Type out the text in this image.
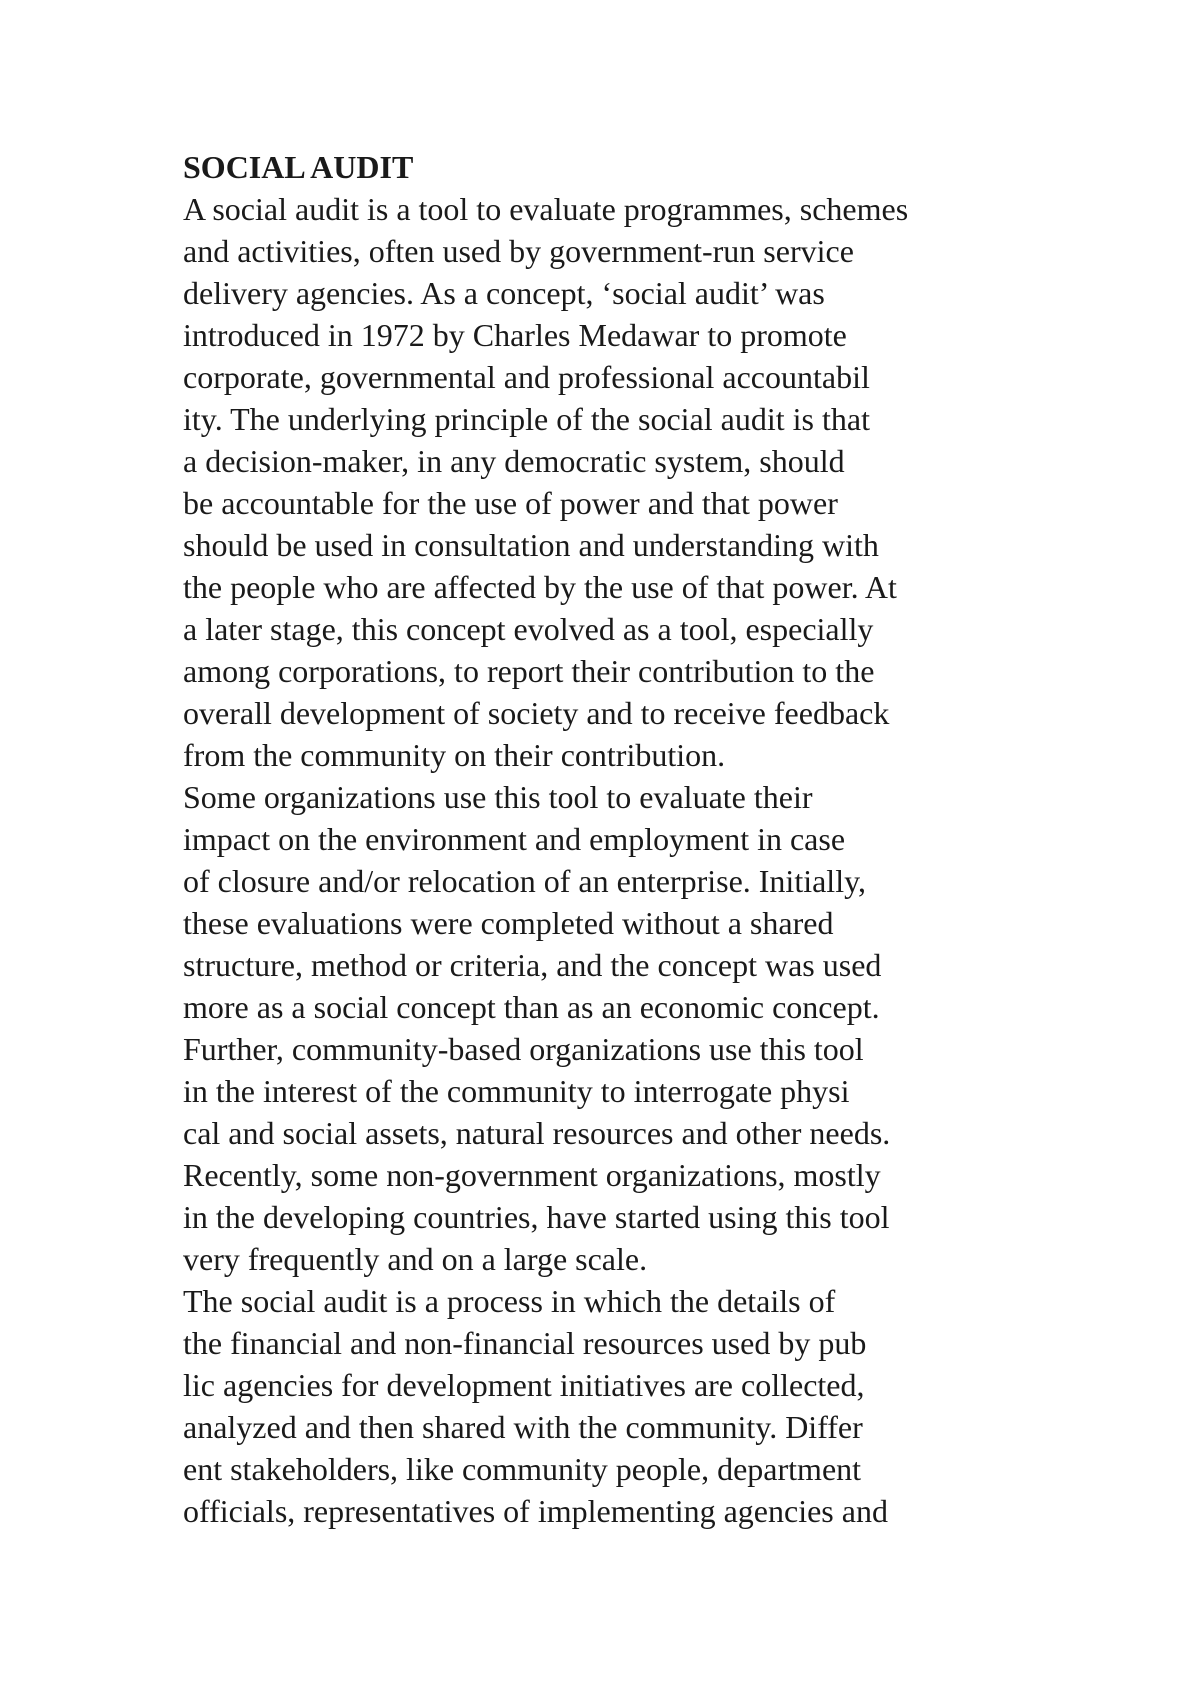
SOCIAL AUDIT
A social audit is a tool to evaluate programmes, schemes
and activities, often used by government-run service
delivery agencies. As a concept, ‘social audit’ was
introduced in 1972 by Charles Medawar to promote
corporate, governmental and professional accountabil
ity. The underlying principle of the social audit is that
a decision-maker, in any democratic system, should
be accountable for the use of power and that power
should be used in consultation and understanding with
the people who are affected by the use of that power. At
a later stage, this concept evolved as a tool, especially
among corporations, to report their contribution to the
overall development of society and to receive feedback
from the community on their contribution.
Some organizations use this tool to evaluate their
impact on the environment and employment in case
of closure and/or relocation of an enterprise. Initially,
these evaluations were completed without a shared
structure, method or criteria, and the concept was used
more as a social concept than as an economic concept.
Further, community-based organizations use this tool
in the interest of the community to interrogate physi
cal and social assets, natural resources and other needs.
Recently, some non-government organizations, mostly
in the developing countries, have started using this tool
very frequently and on a large scale.
The social audit is a process in which the details of
the financial and non-financial resources used by pub
lic agencies for development initiatives are collected,
analyzed and then shared with the community. Differ
ent stakeholders, like community people, department
officials, representatives of implementing agencies and
